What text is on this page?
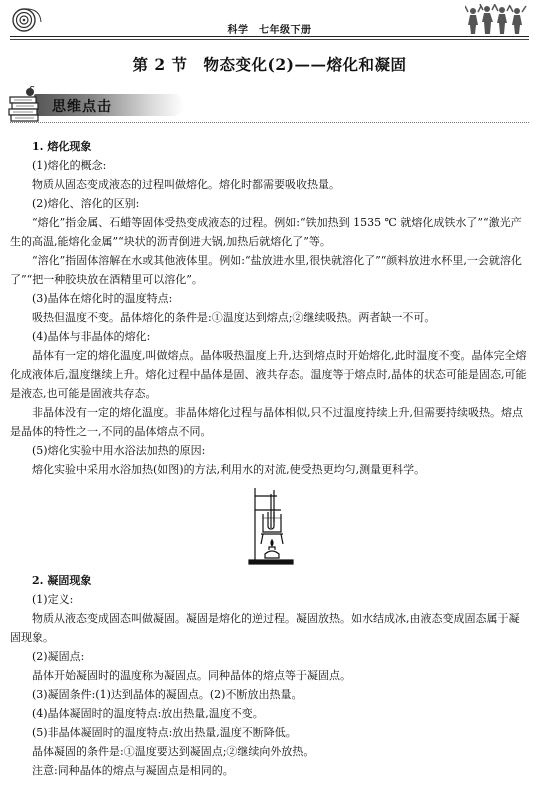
科学　七年级下册
第 2 节　物态变化(2)——熔化和凝固
思维点击

1. 熔化现象

(1)熔化的概念:

物质从固态变成液态的过程叫做熔化。熔化时都需要吸收热量。

(2)熔化、溶化的区别:

“熔化”指金属、石蜡等固体受热变成液态的过程。例如:“铁加热到 1535 ℃ 就熔化成铁水了”“激光产生的高温,能熔化金属”“块状的沥青倒进大锅,加热后就熔化了”等。

“溶化”指固体溶解在水或其他液体里。例如:“盐放进水里,很快就溶化了”“颜料放进水杯里,一会就溶化了”“把一种胶块放在酒精里可以溶化”。

(3)晶体在熔化时的温度特点:

吸热但温度不变。晶体熔化的条件是:①温度达到熔点;②继续吸热。两者缺一不可。

(4)晶体与非晶体的熔化:

晶体有一定的熔化温度,叫做熔点。晶体吸热温度上升,达到熔点时开始熔化,此时温度不变。晶体完全熔化成液体后,温度继续上升。熔化过程中晶体是固、液共存态。温度等于熔点时,晶体的状态可能是固态,可能是液态,也可能是固液共存态。

非晶体没有一定的熔化温度。非晶体熔化过程与晶体相似,只不过温度持续上升,但需要持续吸热。熔点是晶体的特性之一,不同的晶体熔点不同。

(5)熔化实验中用水浴法加热的原因:

熔化实验中采用水浴加热(如图)的方法,利用水的对流,使受热更均匀,测量更科学。

2. 凝固现象

(1)定义:

物质从液态变成固态叫做凝固。凝固是熔化的逆过程。凝固放热。如水结成冰,由液态变成固态属于凝固现象。

(2)凝固点:

晶体开始凝固时的温度称为凝固点。同种晶体的熔点等于凝固点。

(3)凝固条件:(1)达到晶体的凝固点。(2)不断放出热量。

(4)晶体凝固时的温度特点:放出热量,温度不变。

(5)非晶体凝固时的温度特点:放出热量,温度不断降低。

晶体凝固的条件是:①温度要达到凝固点;②继续向外放热。

注意:同种晶体的熔点与凝固点是相同的。
